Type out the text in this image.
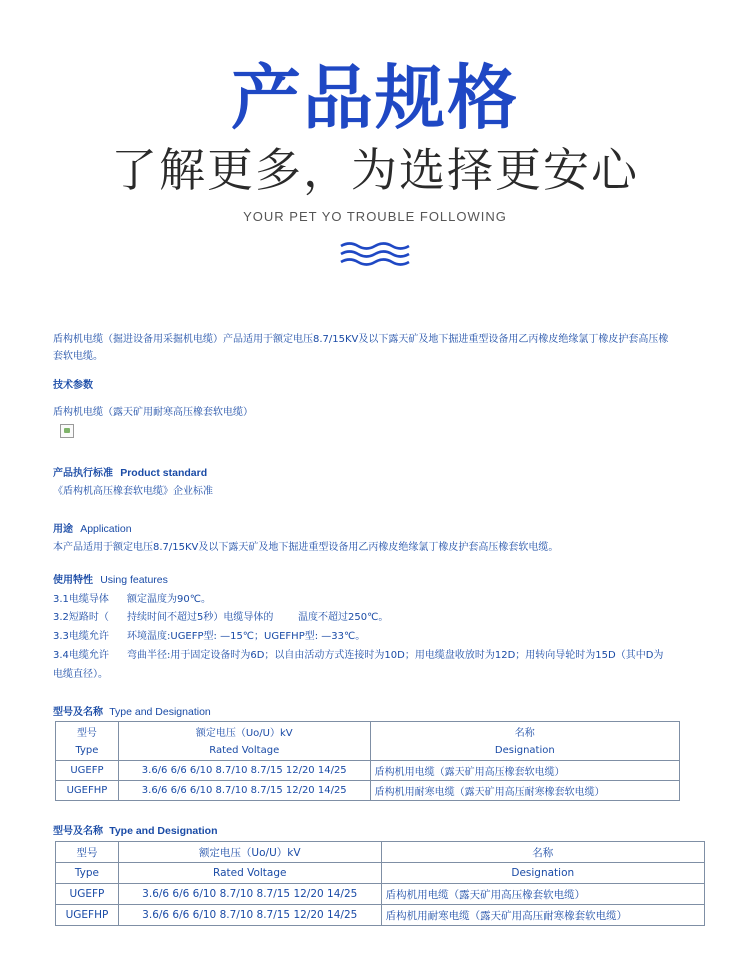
产品规格
了解更多，为选择更安心
YOUR PET YO TROUBLE FOLLOWING
盾构机电缆（掘进设备用采掘机电缆）产品适用于额定电压8.7/15KV及以下露天矿及地下掘进重型设备用乙丙橡皮绝缘氯丁橡皮护套高压橡
套软电缆。
技术参数
盾构机电缆（露天矿用耐寒高压橡套软电缆）
产品执行标准 Product standard
《盾构机高压橡套软电缆》企业标准
用途 Application
本产品适用于额定电压8.7/15KV及以下露天矿及地下掘进重型设备用乙丙橡皮绝缘氯丁橡皮护套高压橡套软电缆。
使用特性 Using features
3.1电缆导体 额定温度为90℃。
3.2短路时（ 持续时间不超过5秒）电缆导体的 温度不超过250℃。
3.3电缆允许 环境温度:UGEFP型: —15℃；UGEFHP型: —33℃。
3.4电缆允许 弯曲半径:用于固定设备时为6D；以自由活动方式连接时为10D；用电缆盘收放时为12D；用转向导轮时为15D（其中D为
电缆直径）。
型号及名称 Type and Designation
型号	额定电压（Uo/U）kV	名称
Type	Rated Voltage	Designation
UGEFP	3.6/6 6/6 6/10 8.7/10 8.7/15 12/20 14/25	盾构机用电缆（露天矿用高压橡套软电缆）
UGEFHP	3.6/6 6/6 6/10 8.7/10 8.7/15 12/20 14/25	盾构机用耐寒电缆（露天矿用高压耐寒橡套软电缆）
型号及名称 Type and Designation
型号	额定电压（Uo/U）kV	名称
Type	Rated Voltage	Designation
UGEFP	3.6/6 6/6 6/10 8.7/10 8.7/15 12/20 14/25	盾构机用电缆（露天矿用高压橡套软电缆）
UGEFHP	3.6/6 6/6 6/10 8.7/10 8.7/15 12/20 14/25	盾构机用耐寒电缆（露天矿用高压耐寒橡套软电缆）
